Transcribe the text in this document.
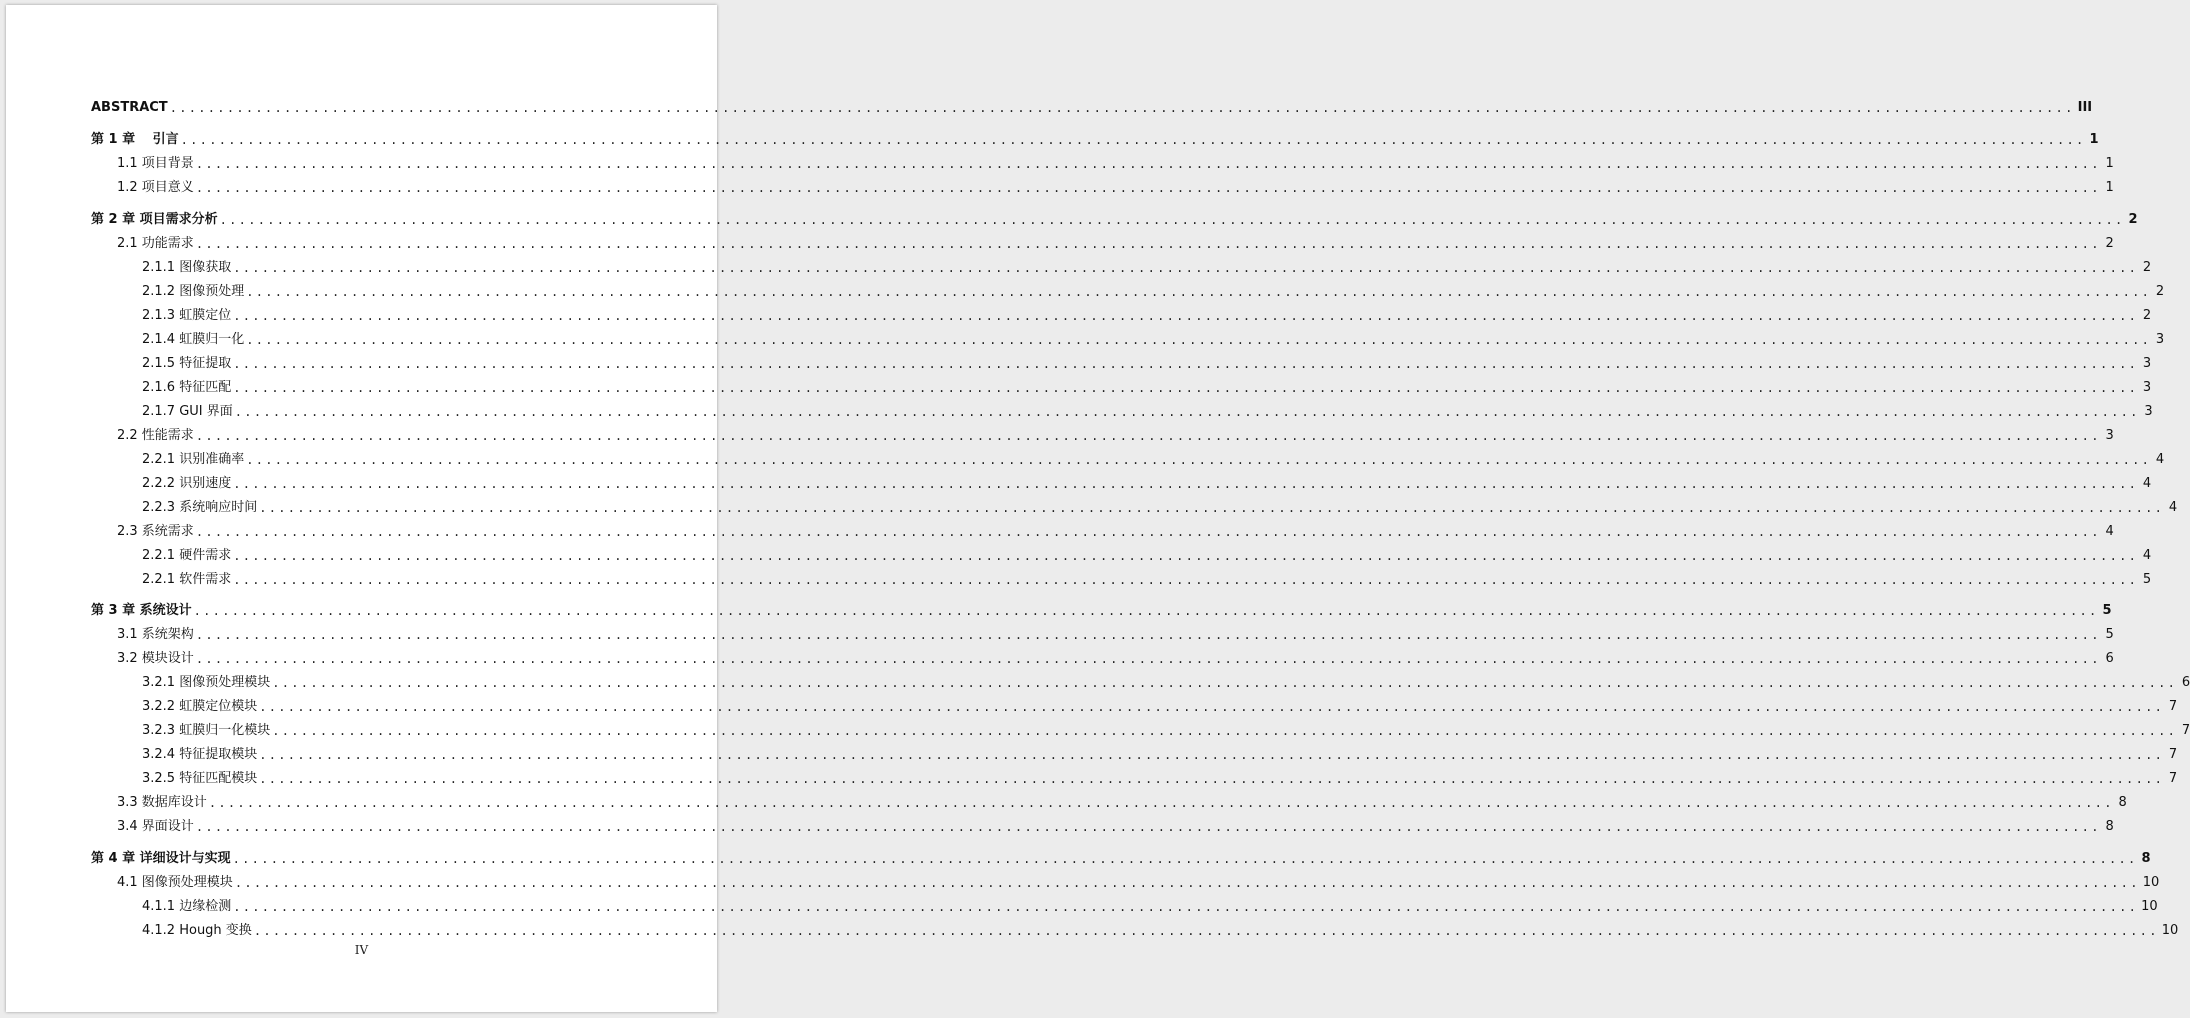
ABSTRACT ........................................................................................................................................................................................................ III
第 1 章　 引言 ........................................................................................................................................................................................................ 1
1.1 项目背景 ........................................................................................................................................................................................................ 1
1.2 项目意义 ........................................................................................................................................................................................................ 1
第 2 章 项目需求分析 ........................................................................................................................................................................................................ 2
2.1 功能需求 ........................................................................................................................................................................................................ 2
2.1.1 图像获取 ........................................................................................................................................................................................................ 2
2.1.2 图像预处理 ........................................................................................................................................................................................................ 2
2.1.3 虹膜定位 ........................................................................................................................................................................................................ 2
2.1.4 虹膜归一化 ........................................................................................................................................................................................................ 3
2.1.5 特征提取 ........................................................................................................................................................................................................ 3
2.1.6 特征匹配 ........................................................................................................................................................................................................ 3
2.1.7 GUI 界面 ........................................................................................................................................................................................................ 3
2.2 性能需求 ........................................................................................................................................................................................................ 3
2.2.1 识别准确率 ........................................................................................................................................................................................................ 4
2.2.2 识别速度 ........................................................................................................................................................................................................ 4
2.2.3 系统响应时间 ........................................................................................................................................................................................................ 4
2.3 系统需求 ........................................................................................................................................................................................................ 4
2.2.1 硬件需求 ........................................................................................................................................................................................................ 4
2.2.1 软件需求 ........................................................................................................................................................................................................ 5
第 3 章 系统设计 ........................................................................................................................................................................................................ 5
3.1 系统架构 ........................................................................................................................................................................................................ 5
3.2 模块设计 ........................................................................................................................................................................................................ 6
3.2.1 图像预处理模块 ........................................................................................................................................................................................................ 6
3.2.2 虹膜定位模块 ........................................................................................................................................................................................................ 7
3.2.3 虹膜归一化模块 ........................................................................................................................................................................................................ 7
3.2.4 特征提取模块 ........................................................................................................................................................................................................ 7
3.2.5 特征匹配模块 ........................................................................................................................................................................................................ 7
3.3 数据库设计 ........................................................................................................................................................................................................ 8
3.4 界面设计 ........................................................................................................................................................................................................ 8
第 4 章 详细设计与实现 ........................................................................................................................................................................................................ 8
4.1 图像预处理模块 ........................................................................................................................................................................................................ 10
4.1.1 边缘检测 ........................................................................................................................................................................................................ 10
4.1.2 Hough 变换 ........................................................................................................................................................................................................ 10
IV
